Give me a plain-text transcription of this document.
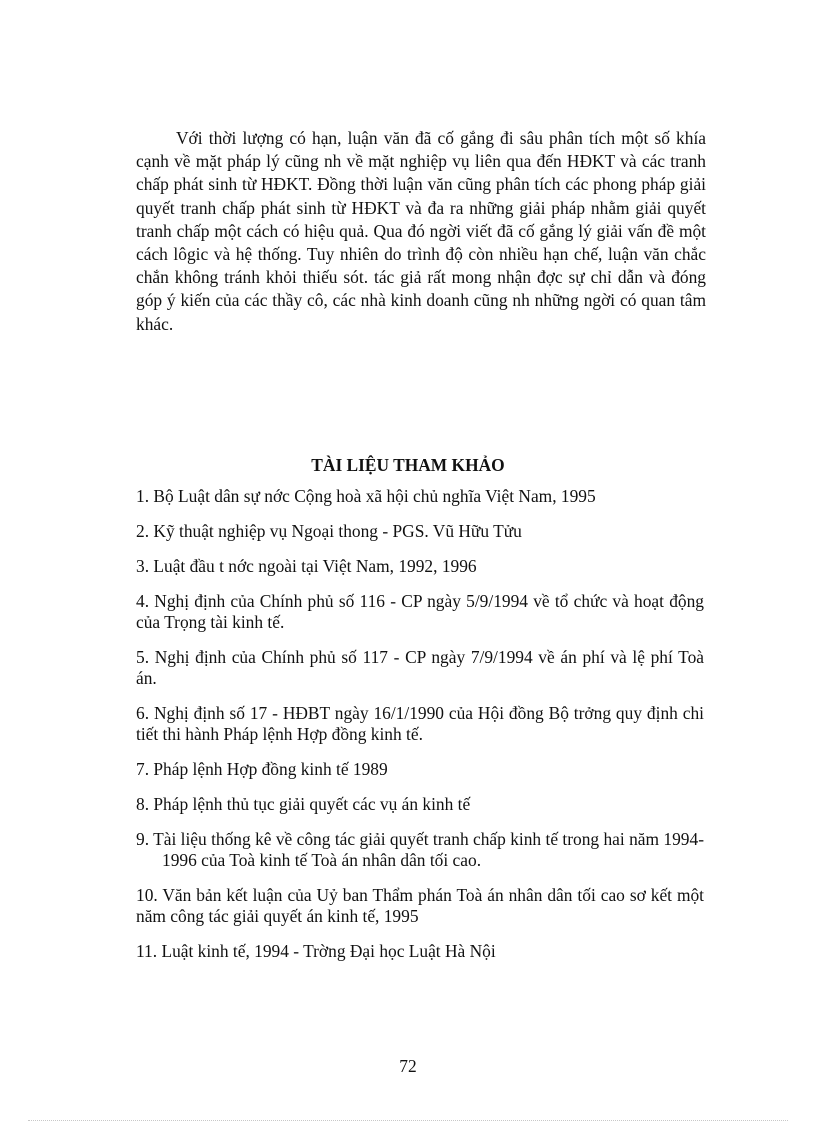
Với thời lượng có hạn, luận văn đã cố gắng đi sâu phân tích một số khía cạnh về mặt pháp lý cũng nh về mặt nghiệp vụ liên qua đến HĐKT và các tranh chấp phát sinh từ HĐKT. Đồng thời luận văn cũng phân tích các phong pháp giải quyết tranh chấp phát sinh từ HĐKT và đa ra những giải pháp nhằm giải quyết tranh chấp một cách có hiệu quả. Qua đó ngời viết đã cố gắng lý giải vấn đề một cách lôgic và hệ thống. Tuy nhiên do trình độ còn nhiều hạn chế, luận văn chắc chắn không tránh khỏi thiếu sót. tác giả rất mong nhận đợc sự chỉ dẫn và đóng góp ý kiến của các thầy cô, các nhà kinh doanh cũng nh những ngời có quan tâm khác.

TÀI LIỆU THAM KHẢO
1. Bộ Luật dân sự nớc Cộng hoà xã hội chủ nghĩa Việt Nam, 1995
2. Kỹ thuật nghiệp vụ Ngoại thong - PGS. Vũ Hữu Tửu
3. Luật đầu t nớc ngoài tại Việt Nam, 1992, 1996
4. Nghị định của Chính phủ số 116 - CP ngày 5/9/1994 về tổ chức và hoạt động của Trọng tài kinh tế.
5. Nghị định của Chính phủ số 117 - CP ngày 7/9/1994 về án phí và lệ phí Toà án.
6. Nghị định số 17 - HĐBT ngày 16/1/1990 của Hội đồng Bộ trởng quy định chi tiết thi hành Pháp lệnh Hợp đồng kinh tế.
7. Pháp lệnh Hợp đồng kinh tế 1989
8. Pháp lệnh thủ tục giải quyết các vụ án kinh tế
9. Tài liệu thống kê về công tác giải quyết tranh chấp kinh tế trong hai năm 1994- 1996 của Toà kinh tế Toà án nhân dân tối cao.
10. Văn bản kết luận của Uỷ ban Thẩm phán Toà án nhân dân tối cao sơ kết một năm công tác giải quyết án kinh tế, 1995
11. Luật kinh tế, 1994 - Trờng Đại học Luật Hà Nội
72
